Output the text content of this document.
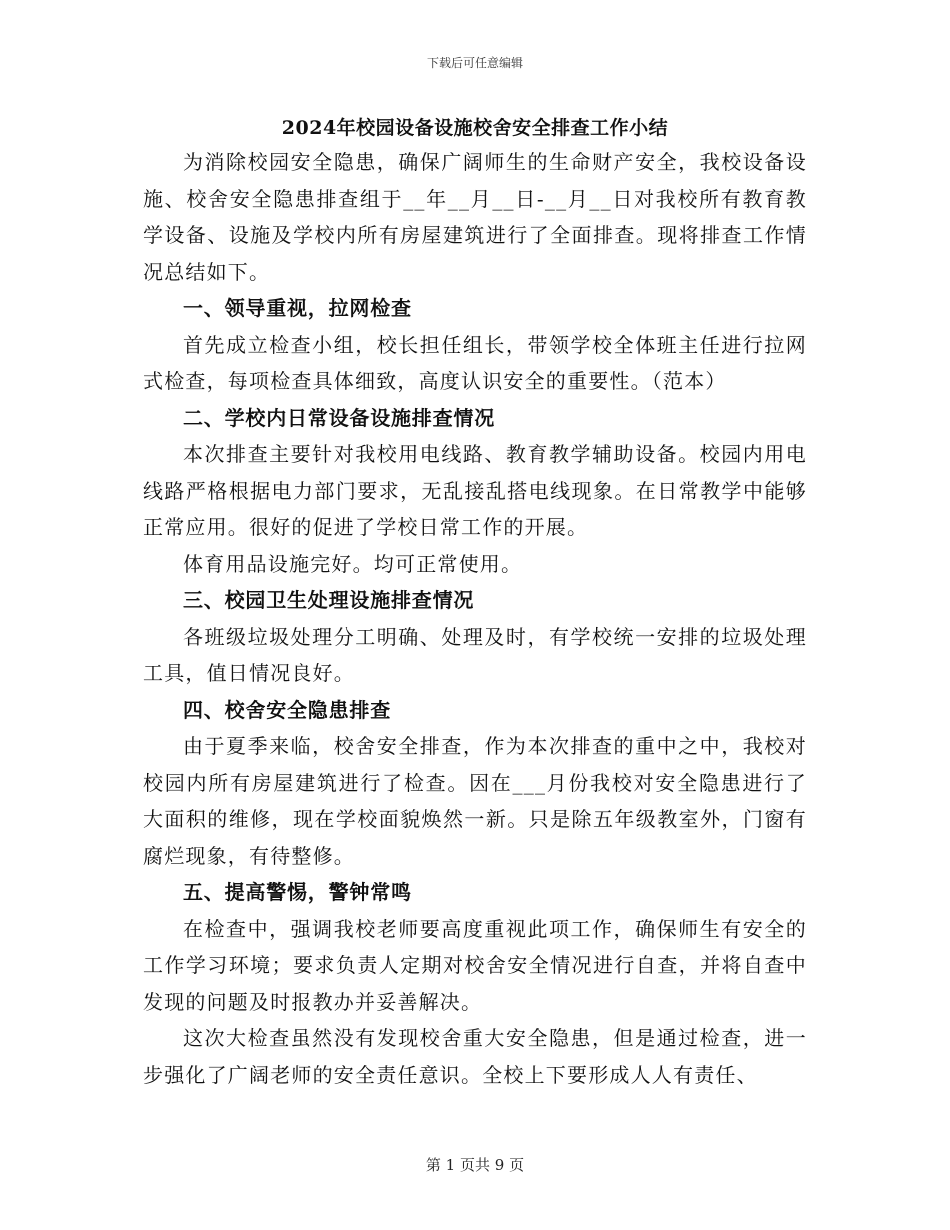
下载后可任意编辑
2024年校园设备设施校舍安全排查工作小结

为消除校园安全隐患，确保广阔师生的生命财产安全，我校设备设施、校舍安全隐患排查组于__年__月__日-__月__日对我校所有教育教学设备、设施及学校内所有房屋建筑进行了全面排查。现将排查工作情况总结如下。

一、领导重视，拉网检查

首先成立检查小组，校长担任组长，带领学校全体班主任进行拉网式检查，每项检查具体细致，高度认识安全的重要性。（范本）

二、学校内日常设备设施排查情况

本次排查主要针对我校用电线路、教育教学辅助设备。校园内用电线路严格根据电力部门要求，无乱接乱搭电线现象。在日常教学中能够正常应用。很好的促进了学校日常工作的开展。

体育用品设施完好。均可正常使用。

三、校园卫生处理设施排查情况

各班级垃圾处理分工明确、处理及时，有学校统一安排的垃圾处理工具，值日情况良好。

四、校舍安全隐患排查

由于夏季来临，校舍安全排查，作为本次排查的重中之中，我校对校园内所有房屋建筑进行了检查。因在___月份我校对安全隐患进行了大面积的维修，现在学校面貌焕然一新。只是除五年级教室外，门窗有腐烂现象，有待整修。

五、提高警惕，警钟常鸣

在检查中，强调我校老师要高度重视此项工作，确保师生有安全的工作学习环境；要求负责人定期对校舍安全情况进行自查，并将自查中发现的问题及时报教办并妥善解决。

这次大检查虽然没有发现校舍重大安全隐患，但是通过检查，进一步强化了广阔老师的安全责任意识。全校上下要形成人人有责任、

第 1 页共 9 页
